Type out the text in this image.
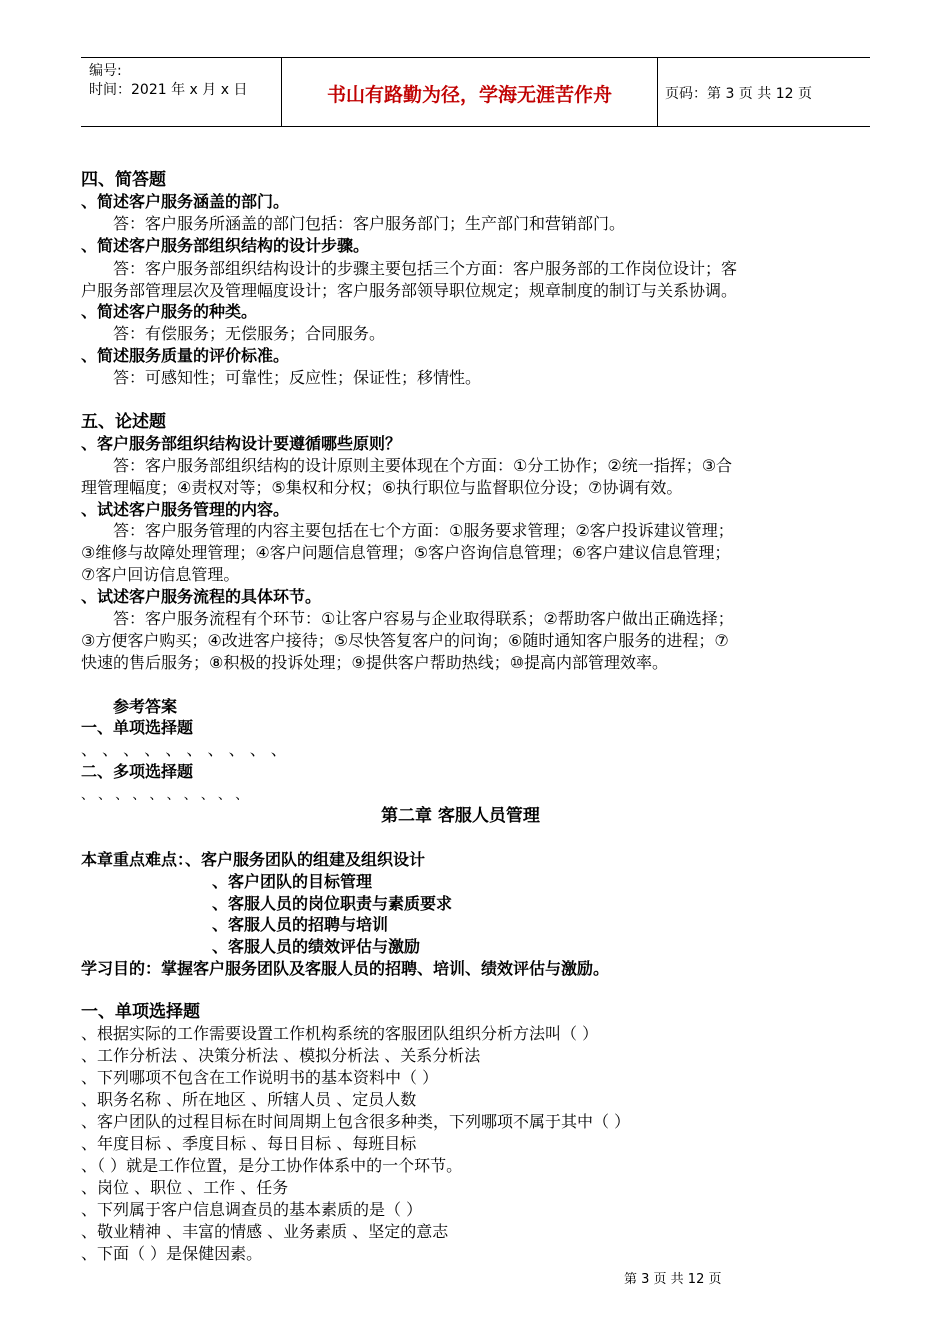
编号:
时间：2021 年 x 月 x 日	书山有路勤为径，学海无涯苦作舟	页码：第 3 页 共 12 页
四、简答题
、简述客户服务涵盖的部门。
答：客户服务所涵盖的部门包括：客户服务部门；生产部门和营销部门。
、简述客户服务部组织结构的设计步骤。
答：客户服务部组织结构设计的步骤主要包括三个方面：客户服务部的工作岗位设计；客
户服务部管理层次及管理幅度设计；客户服务部领导职位规定；规章制度的制订与关系协调。
、简述客户服务的种类。
答：有偿服务；无偿服务；合同服务。
、简述服务质量的评价标准。
答：可感知性；可靠性；反应性；保证性；移情性。
五、论述题
、客户服务部组织结构设计要遵循哪些原则？
答：客户服务部组织结构的设计原则主要体现在个方面：①分工协作；②统一指挥；③合
理管理幅度；④责权对等；⑤集权和分权；⑥执行职位与监督职位分设；⑦协调有效。
、试述客户服务管理的内容。
答：客户服务管理的内容主要包括在七个方面：①服务要求管理；②客户投诉建议管理；
③维修与故障处理管理；④客户问题信息管理；⑤客户咨询信息管理；⑥客户建议信息管理；
⑦客户回访信息管理。
、试述客户服务流程的具体环节。
答：客户服务流程有个环节：①让客户容易与企业取得联系；②帮助客户做出正确选择；
③方便客户购买；④改进客户接待；⑤尽快答复客户的问询；⑥随时通知客户服务的进程；⑦
快速的售后服务；⑧积极的投诉处理；⑨提供客户帮助热线；⑩提高内部管理效率。
参考答案
一、单项选择题
、 、 、 、 、 、 、 、 、 、
二、多项选择题
、 、 、 、 、 、 、 、 、 、
第二章 客服人员管理
本章重点难点：、客户服务团队的组建及组织设计
、客户团队的目标管理
、客服人员的岗位职责与素质要求
、客服人员的招聘与培训
、客服人员的绩效评估与激励
学习目的：掌握客户服务团队及客服人员的招聘、培训、绩效评估与激励。
一、单项选择题
、根据实际的工作需要设置工作机构系统的客服团队组织分析方法叫（ ）
、工作分析法 、决策分析法 、模拟分析法 、关系分析法
、下列哪项不包含在工作说明书的基本资料中（ ）
、职务名称 、所在地区 、所辖人员 、定员人数
、客户团队的过程目标在时间周期上包含很多种类，下列哪项不属于其中（ ）
、年度目标 、季度目标 、每日目标 、每班目标
、（ ）就是工作位置，是分工协作体系中的一个环节。
、岗位 、职位 、工作 、任务
、下列属于客户信息调查员的基本素质的是（ ）
、敬业精神 、丰富的情感 、业务素质 、坚定的意志
、下面（ ）是保健因素。
第 3 页 共 12 页
